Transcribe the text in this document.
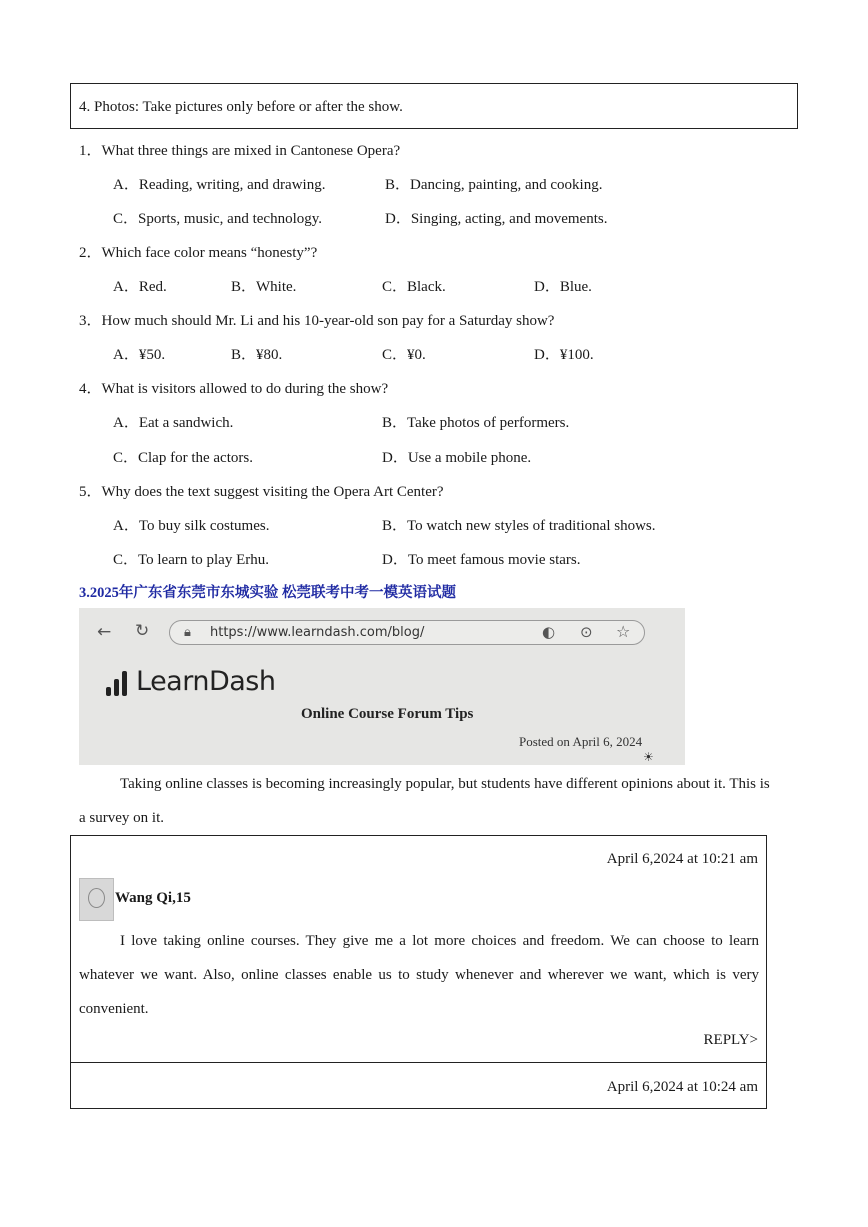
4. Photos: Take pictures only before or after the show.
1．What three things are mixed in Cantonese Opera?
A．Reading, writing, and drawing.	B．Dancing, painting, and cooking.
C．Sports, music, and technology.	D．Singing, acting, and movements.
2．Which face color means “honesty”?
A．Red.	B．White.	C．Black.	D．Blue.
3．How much should Mr. Li and his 10-year-old son pay for a Saturday show?
A．¥50.	B．¥80.	C．¥0.	D．¥100.
4．What is visitors allowed to do during the show?
A．Eat a sandwich.	B．Take photos of performers.
C．Clap for the actors.	D．Use a mobile phone.
5．Why does the text suggest visiting the Opera Art Center?
A．To buy silk costumes.	B．To watch new styles of traditional shows.
C．To learn to play Erhu.	D．To meet famous movie stars.
3.2025年广东省东莞市东城实验 松莞联考中考一模英语试题
← ↻	🔒︎ https://www.learndash.com/blog/	◐ ⊙ ☆
LearnDash
Online Course Forum Tips
Posted on April 6, 2024
☀
Taking online classes is becoming increasingly popular, but students have different opinions about it. This is
a survey on it.
April 6,2024 at 10:21 am
Wang Qi,15
I love taking online courses. They give me a lot more choices and freedom. We can choose to learn whatever we want. Also, online classes enable us to study whenever and wherever we want, which is very convenient.
REPLY>
April 6,2024 at 10:24 am
